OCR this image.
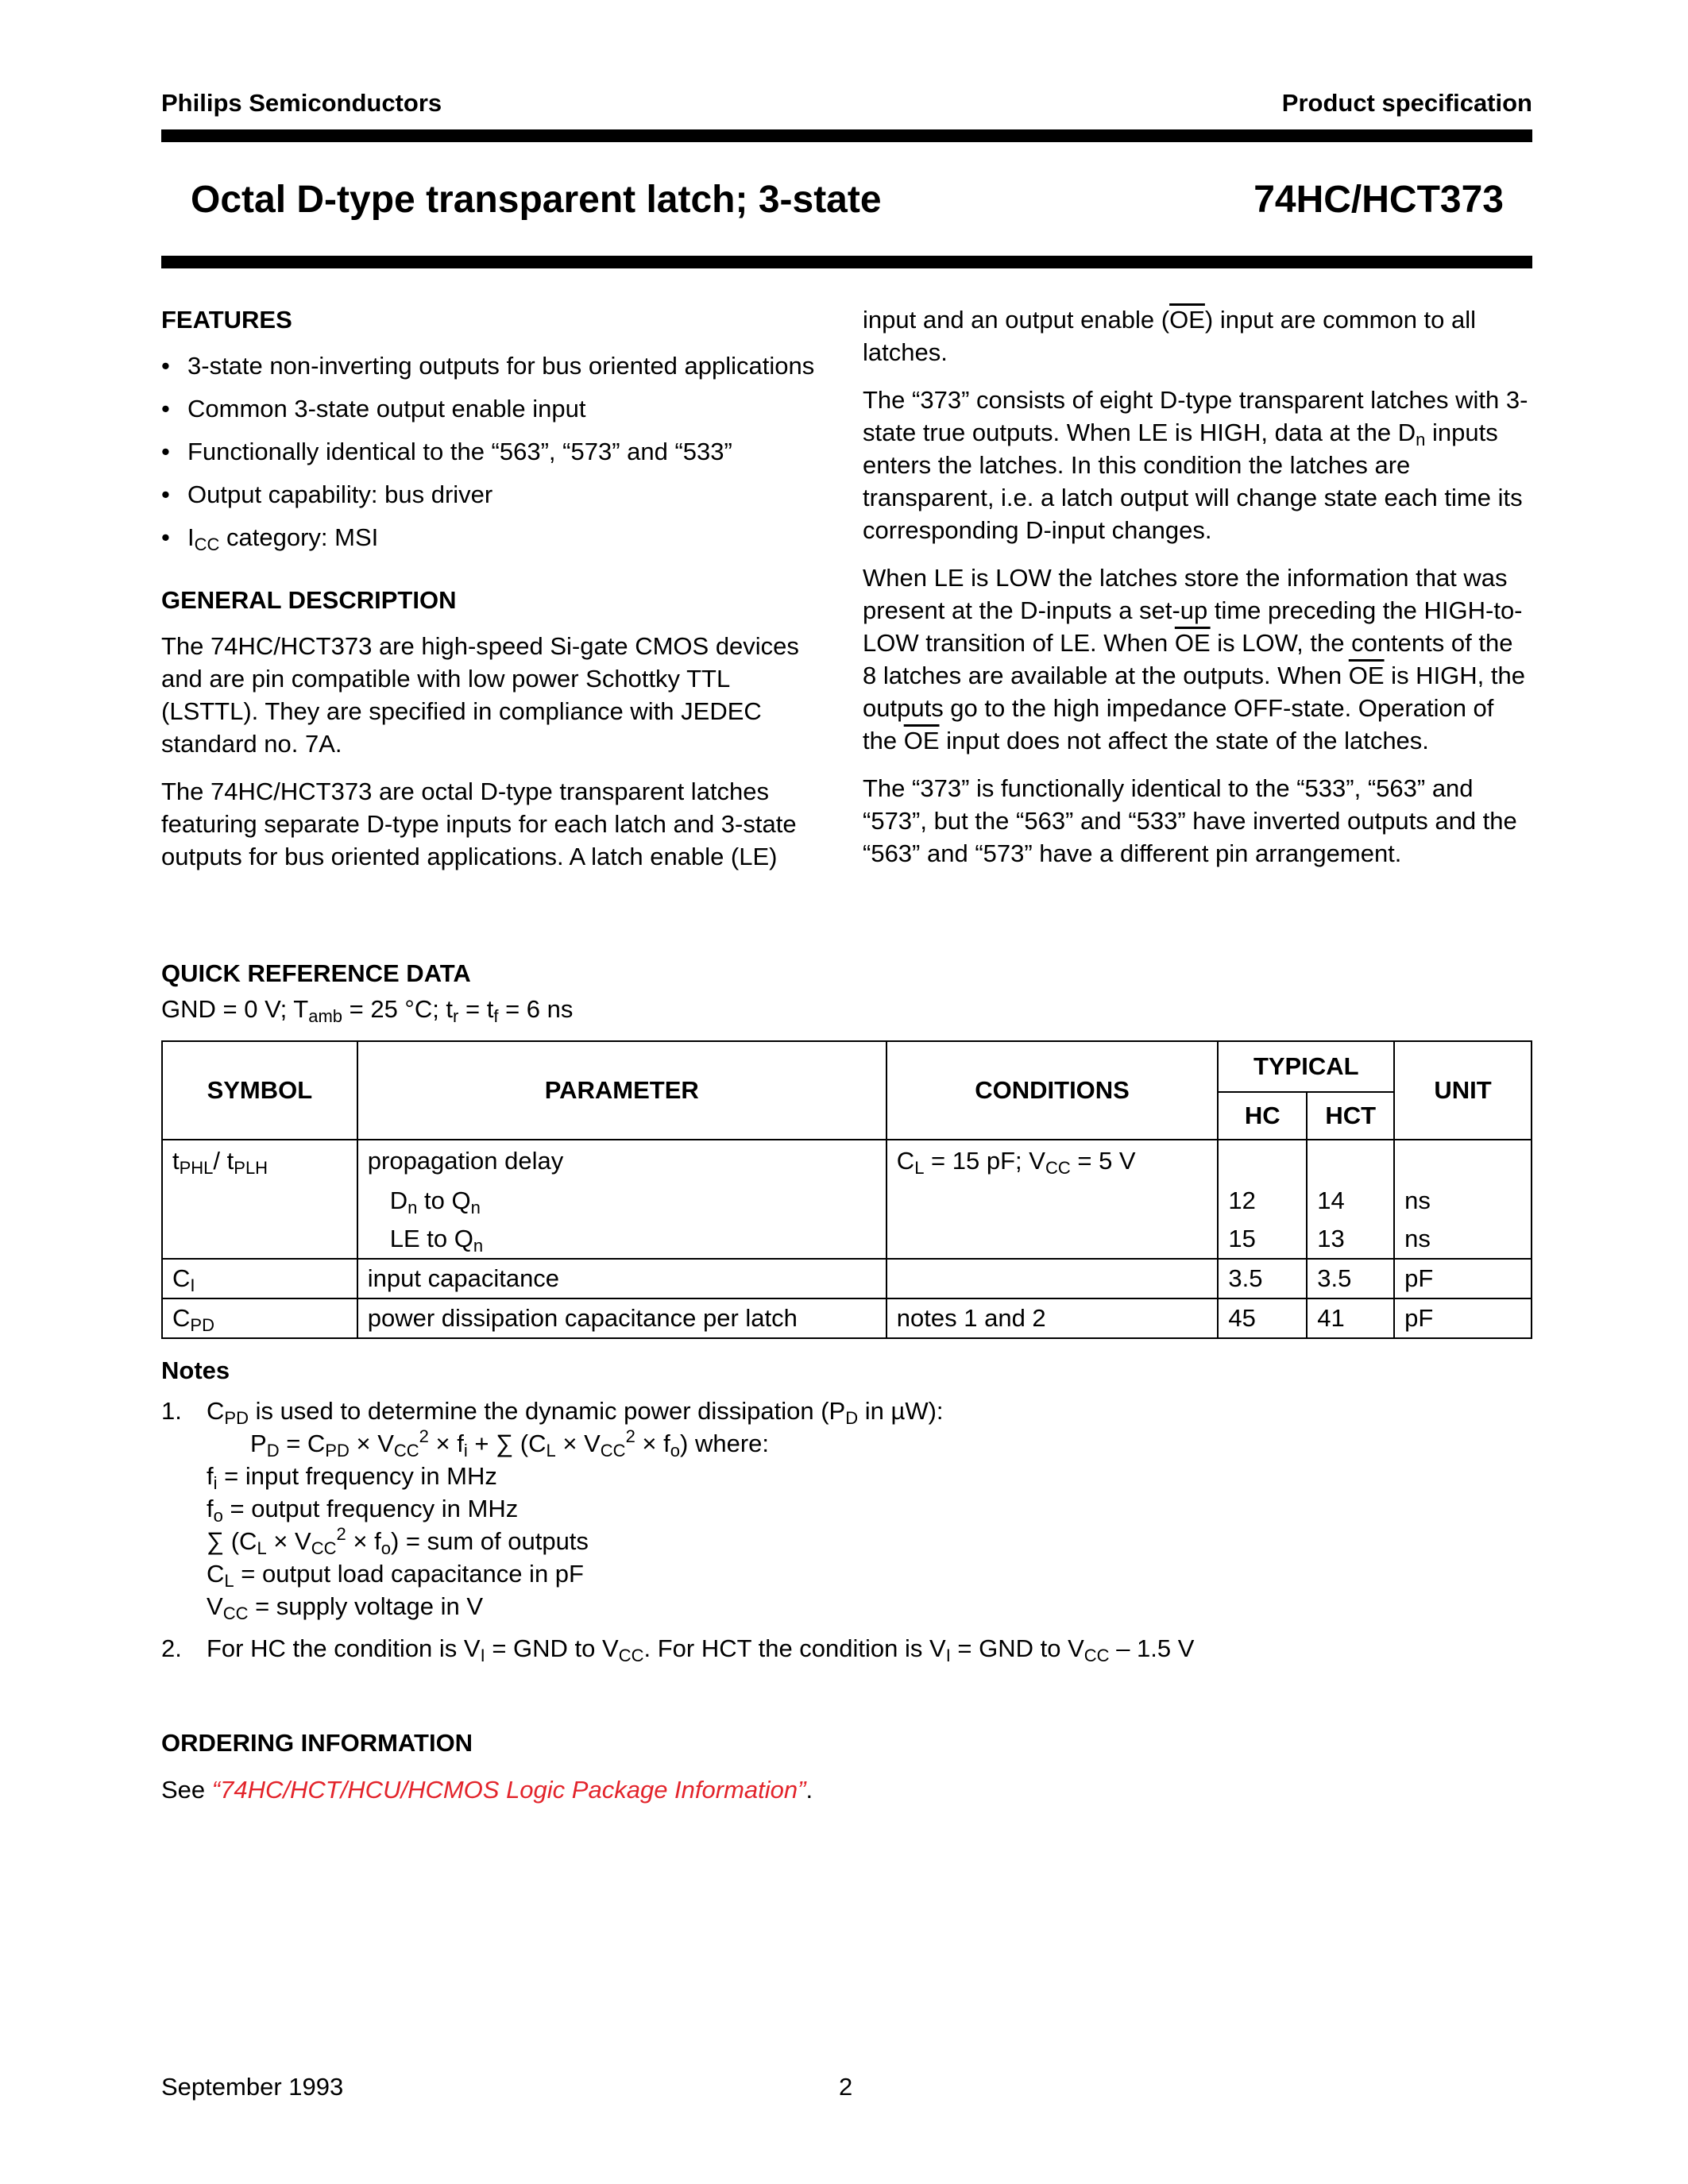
Philips Semiconductors	Product specification
Octal D-type transparent latch; 3-state	74HC/HCT373
FEATURES
• 3-state non-inverting outputs for bus oriented applications
• Common 3-state output enable input
• Functionally identical to the “563”, “573” and “533”
• Output capability: bus driver
• $I_{CC}$ category: MSI
GENERAL DESCRIPTION

The 74HC/HCT373 are high-speed Si-gate CMOS devices and are pin compatible with low power Schottky TTL (LSTTL). They are specified in compliance with JEDEC standard no. 7A.

The 74HC/HCT373 are octal D-type transparent latches featuring separate D-type inputs for each latch and 3-state outputs for bus oriented applications. A latch enable (LE)

input and an output enable $(\overline{OE})$ input are common to all latches.

The “373” consists of eight D-type transparent latches with 3-state true outputs. When LE is HIGH, data at the $D_n$ inputs enters the latches. In this condition the latches are transparent, i.e. a latch output will change state each time its corresponding D-input changes.

When LE is LOW the latches store the information that was present at the D-inputs a set-up time preceding the HIGH-to-LOW transition of LE. When $\overline{OE}$ is LOW, the contents of the 8 latches are available at the outputs. When $\overline{OE}$ is HIGH, the outputs go to the high impedance OFF-state. Operation of the $\overline{OE}$ input does not affect the state of the latches.

The “373” is functionally identical to the “533”, “563” and “573”, but the “563” and “533” have inverted outputs and the “563” and “573” have a different pin arrangement.

QUICK REFERENCE DATA
GND = 0 V; $T_{amb} = 25$ °C; $t_r = t_f = 6$ ns
SYMBOL	PARAMETER	CONDITIONS	TYPICAL		UNIT
			HC	HCT	
$t_{PHL}/$ $t_{PLH}$	propagation delay	$C_L = 15$ pF; $V_{CC} = 5$ V			
	$D_n$ to $Q_n$		12	14	ns
	LE to $Q_n$		15	13	ns
$C_I$	input capacitance		3.5	3.5	pF
$C_{PD}$	power dissipation capacitance per latch	notes 1 and 2	45	41	pF
Notes
1.	$C_{PD}$ is used to determine the dynamic power dissipation ($P_D$ in µW):
$P_D = C_{PD} \times V_{CC}^2 \times f_i$ + ∑ $(C_L \times V_{CC}^2 \times f_o)$ where:
$f_i$ = input frequency in MHz
$f_o$ = output frequency in MHz
∑ $(C_L \times V_{CC}^2 \times f_o)$ = sum of outputs
$C_L$ = output load capacitance in pF
$V_{CC}$ = supply voltage in V
2.	For HC the condition is $V_I$ = GND to $V_{CC}$. For HCT the condition is $V_I$ = GND to $V_{CC} - 1.5$ V
ORDERING INFORMATION
See “74HC/HCT/HCU/HCMOS Logic Package Information”.
September 1993	2
